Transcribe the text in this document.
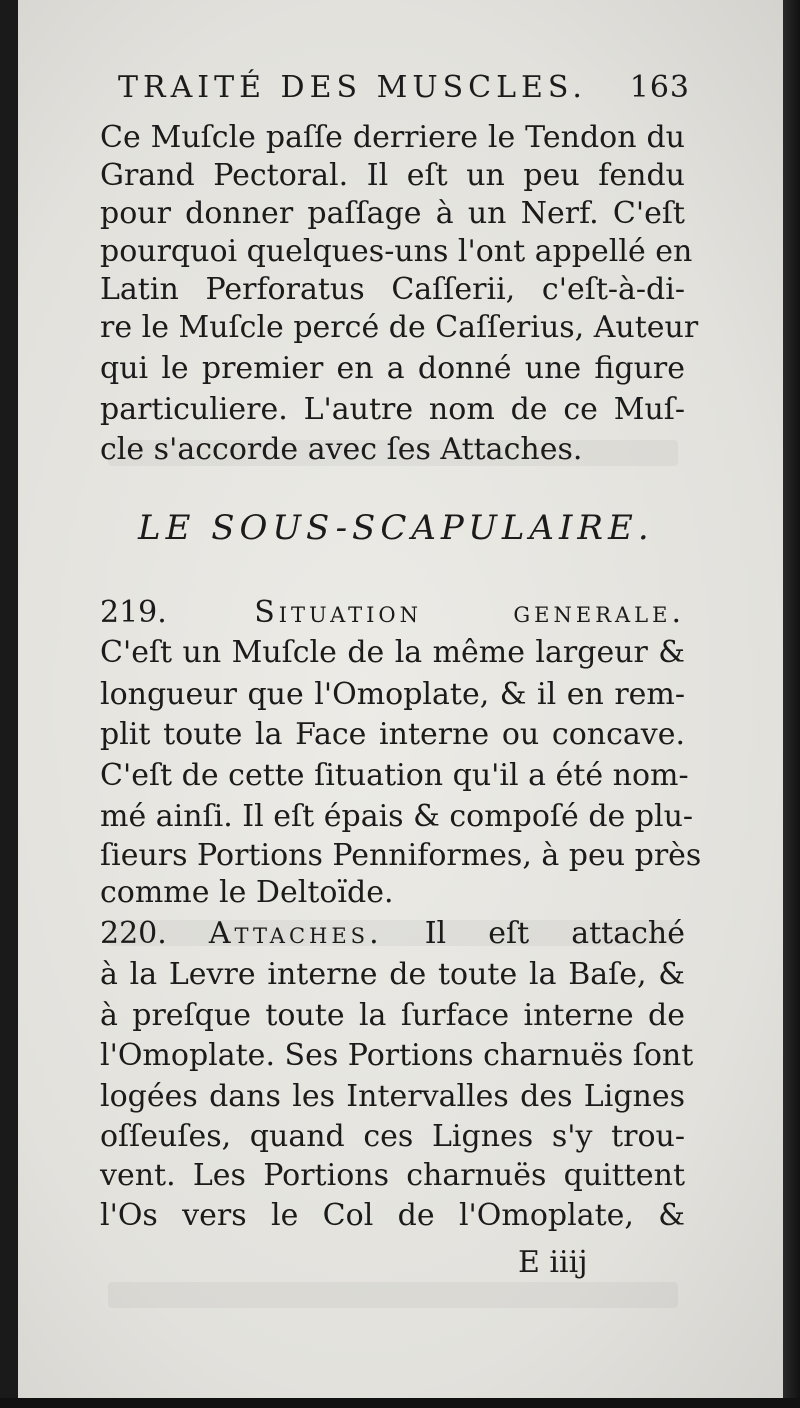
TRAITÉ DES MUSCLES. 163
Ce Muſcle paſſe derriere le Tendon du
Grand Pectoral. Il eſt un peu fendu
pour donner paſſage à un Nerf. C'eſt
pourquoi quelques-uns l'ont appellé en
Latin Perforatus Caſſerii, c'eſt-à-di-
re le Muſcle percé de Caſſerius, Auteur
qui le premier en a donné une figure
particuliere. L'autre nom de ce Muſ-
cle s'accorde avec ſes Attaches.
LE SOUS-SCAPULAIRE.
219.	Situation generale.
C'eſt un Muſcle de la même largeur &
longueur que l'Omoplate, & il en rem-
plit toute la Face interne ou concave.
C'eſt de cette ſituation qu'il a été nom-
mé ainſi. Il eſt épais & compoſé de plu-
ſieurs Portions Penniformes, à peu près
comme le Deltoïde.
220. Attaches. Il eſt attaché
à la Levre interne de toute la Baſe, &
à preſque toute la ſurface interne de
l'Omoplate. Ses Portions charnuës ſont
logées dans les Intervalles des Lignes
oſſeuſes, quand ces Lignes s'y trou-
vent. Les Portions charnuës quittent
l'Os vers le Col de l'Omoplate, &
E iiij
